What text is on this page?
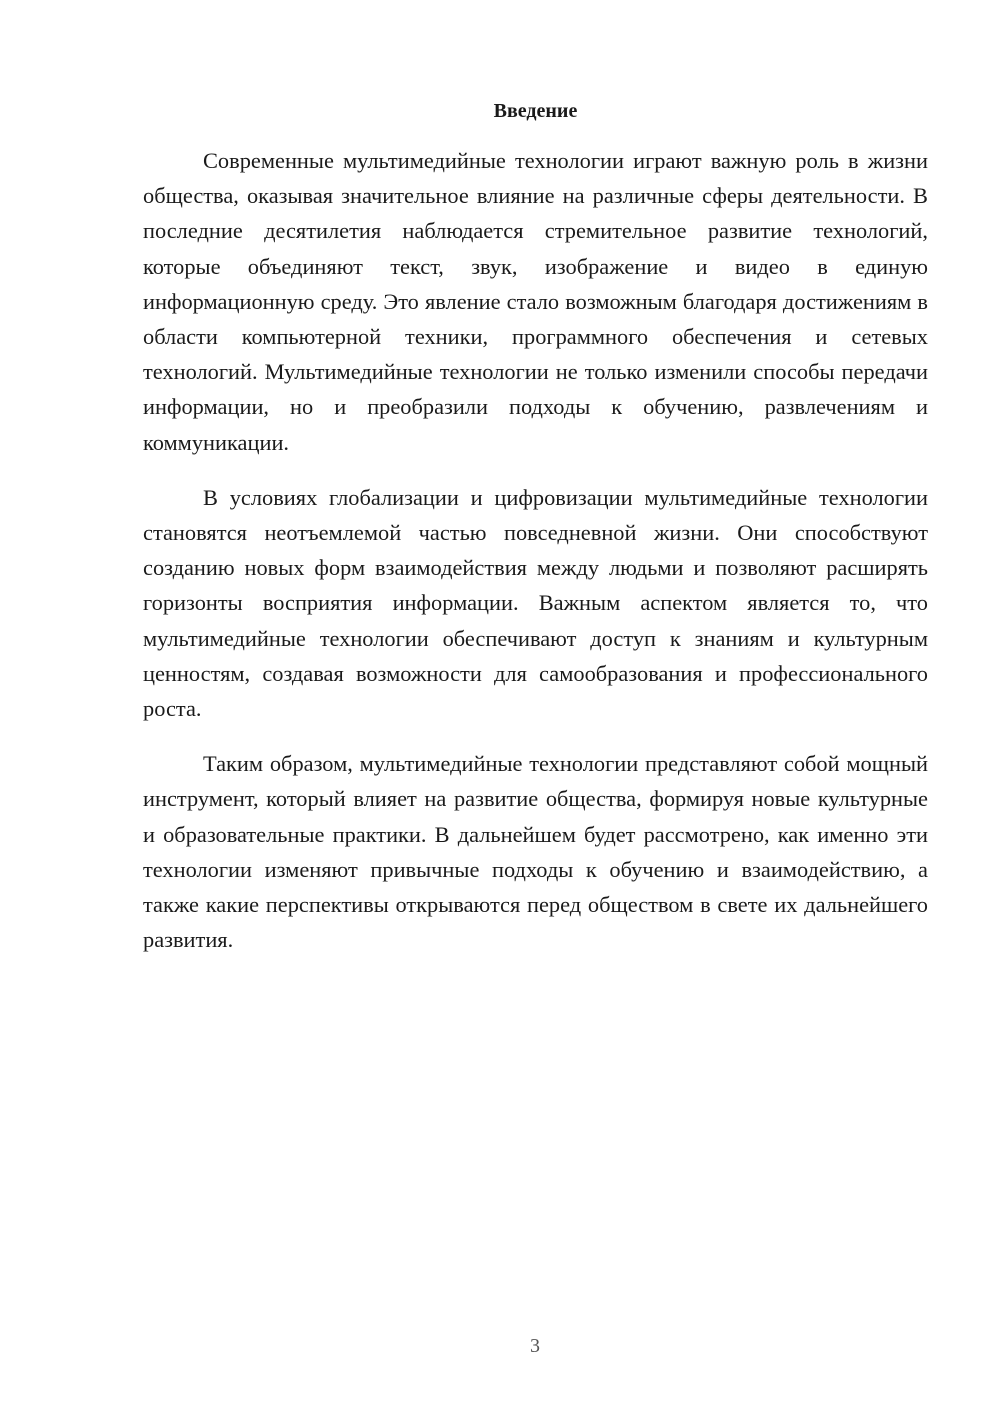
Введение

Современные мультимедийные технологии играют важную роль в жизни общества, оказывая значительное влияние на различные сферы деятельности. В последние десятилетия наблюдается стремительное развитие технологий, которые объединяют текст, звук, изображение и видео в единую информационную среду. Это явление стало возможным благодаря достижениям в области компьютерной техники, программного обеспечения и сетевых технологий. Мультимедийные технологии не только изменили способы передачи информации, но и преобразили подходы к обучению, развлечениям и коммуникации.

В условиях глобализации и цифровизации мультимедийные технологии становятся неотъемлемой частью повседневной жизни. Они способствуют созданию новых форм взаимодействия между людьми и позволяют расширять горизонты восприятия информации. Важным аспектом является то, что мультимедийные технологии обеспечивают доступ к знаниям и культурным ценностям, создавая возможности для самообразования и профессионального роста.

Таким образом, мультимедийные технологии представляют собой мощный инструмент, который влияет на развитие общества, формируя новые культурные и образовательные практики. В дальнейшем будет рассмотрено, как именно эти технологии изменяют привычные подходы к обучению и взаимодействию, а также какие перспективы открываются перед обществом в свете их дальнейшего развития.

3
